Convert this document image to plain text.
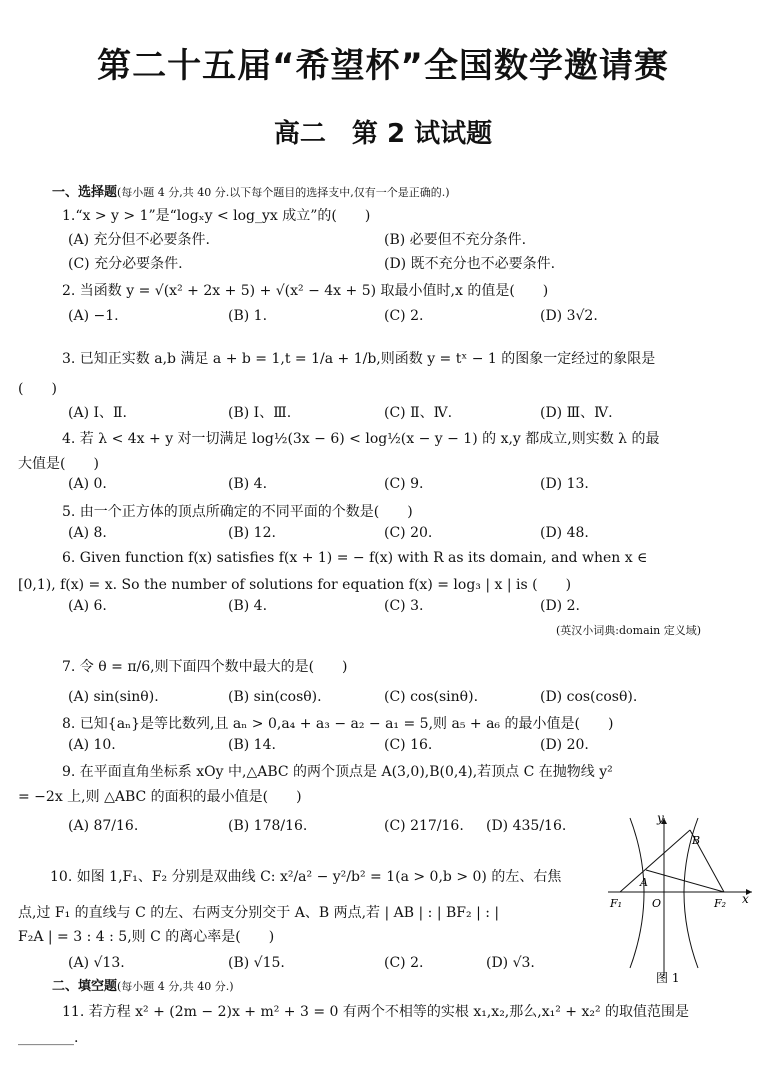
第二十五届“希望杯”全国数学邀请赛
高二　第 2 试试题
一、选择题(每小题 4 分,共 40 分.以下每个题目的选择支中,仅有一个是正确的.)
1.“x > y > 1”是“logₓy < log_yx 成立”的(　　)
(A) 充分但不必要条件.	(B) 必要但不充分条件.
(C) 充分必要条件.	(D) 既不充分也不必要条件.
2. 当函数 y = √(x² + 2x + 5) + √(x² − 4x + 5) 取最小值时,x 的值是(　　)
(A) −1.	(B) 1.	(C) 2.	(D) 3√2.
3. 已知正实数 a,b 满足 a + b = 1,t = 1/a + 1/b,则函数 y = tˣ − 1 的图象一定经过的象限是
(　　)
(A) Ⅰ、Ⅱ.	(B) Ⅰ、Ⅲ.	(C) Ⅱ、Ⅳ.	(D) Ⅲ、Ⅳ.
4. 若 λ < 4x + y 对一切满足 log½(3x − 6) < log½(x − y − 1) 的 x,y 都成立,则实数 λ 的最
大值是(　　)
(A) 0.	(B) 4.	(C) 9.	(D) 13.
5. 由一个正方体的顶点所确定的不同平面的个数是(　　)
(A) 8.	(B) 12.	(C) 20.	(D) 48.
6. Given function f(x) satisfies f(x + 1) = − f(x) with R as its domain, and when x ∈
[0,1), f(x) = x. So the number of solutions for equation f(x) = log₃ | x | is (　　)
(A) 6.	(B) 4.	(C) 3.	(D) 2.
(英汉小词典:domain 定义域)
7. 令 θ = π/6,则下面四个数中最大的是(　　)
(A) sin(sinθ).	(B) sin(cosθ).	(C) cos(sinθ).	(D) cos(cosθ).
8. 已知{aₙ}是等比数列,且 aₙ > 0,a₄ + a₃ − a₂ − a₁ = 5,则 a₅ + a₆ 的最小值是(　　)
(A) 10.	(B) 14.	(C) 16.	(D) 20.
9. 在平面直角坐标系 xOy 中,△ABC 的两个顶点是 A(3,0),B(0,4),若顶点 C 在抛物线 y²
= −2x 上,则 △ABC 的面积的最小值是(　　)
(A) 87/16.	(B) 178/16.	(C) 217/16. (D) 435/16.
10. 如图 1,F₁、F₂ 分别是双曲线 C: x²/a² − y²/b² = 1(a > 0,b > 0) 的左、右焦
点,过 F₁ 的直线与 C 的左、右两支分别交于 A、B 两点,若 | AB | : | BF₂ | : |
F₂A | = 3 : 4 : 5,则 C 的离心率是(　　)
(A) √13.	(B) √15.	(C) 2.	(D) √3.
y
x
B
A
O
F₁	F₂
图 1
二、填空题(每小题 4 分,共 40 分.)
11. 若方程 x² + (2m − 2)x + m² + 3 = 0 有两个不相等的实根 x₁,x₂,那么,x₁² + x₂² 的取值范围是
________.
